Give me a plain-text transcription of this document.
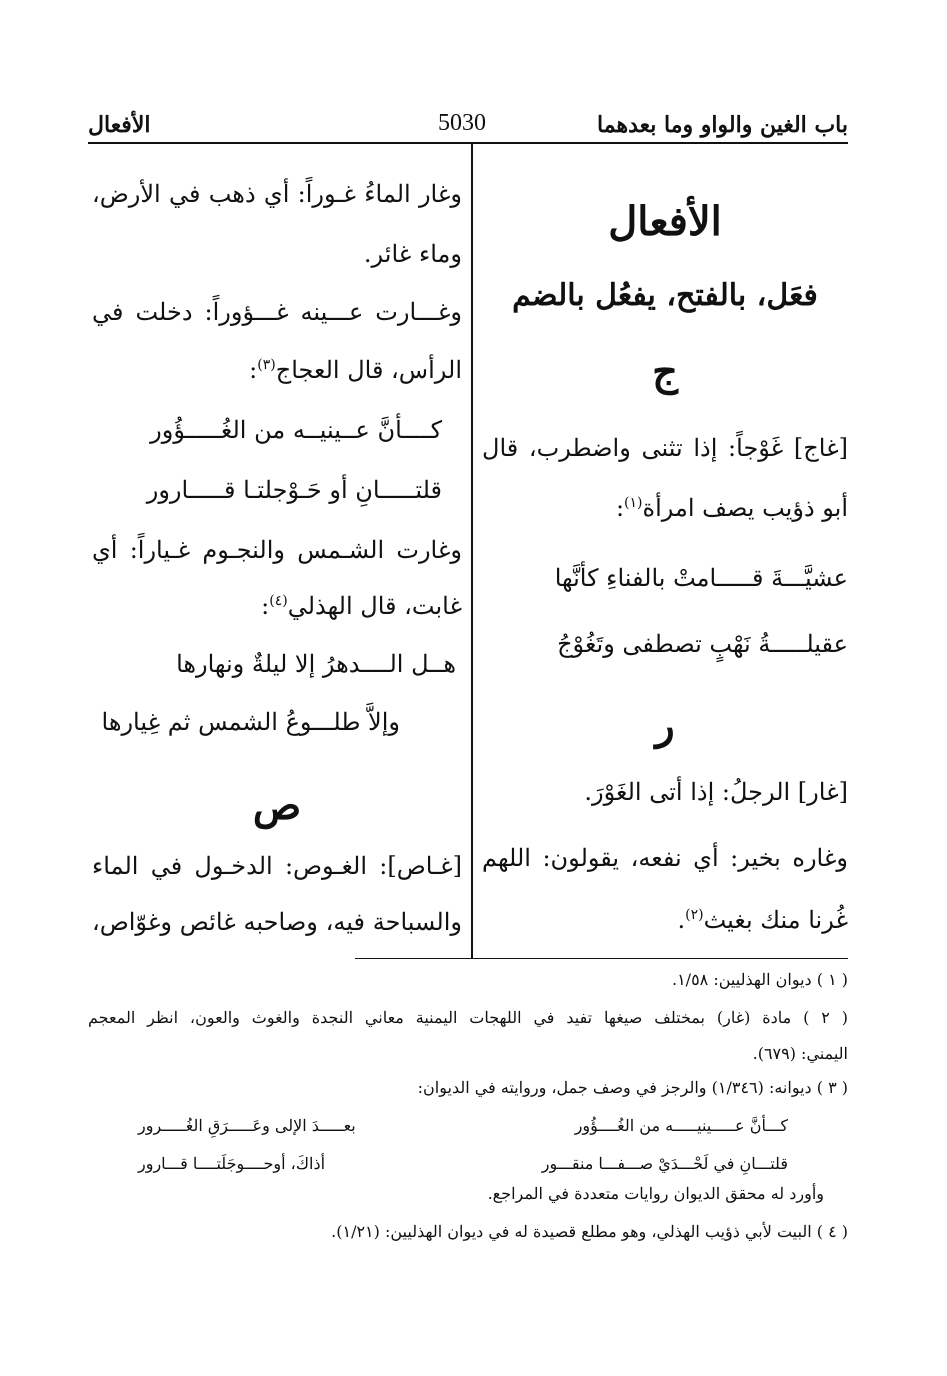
باب الغين والواو وما بعدهما
5030
الأفعال
الأفعال
فعَل، بالفتح، يفعُل بالضم
ج
[غاج] غَوْجاً: إذا تثنى واضطرب، قال
أبو ذؤيب يصف امرأة$^{(١)}$:
عشيَّـــةَ قـــــامتْ بالفناءِ كأنَّها
عقيلـــــةُ نَهْبٍ تصطفى وتَغُوْجُ
ر
[غار] الرجلُ: إذا أتى الغَوْرَ.
وغاره بخير: أي نفعه، يقولون: اللهم
غُرنا منك بغيث$^{(٢)}$.
وغار الماءُ غـوراً: أي ذهب في الأرض،
وماء غائر.
وغـــارت عـــينه غـــؤوراً: دخلت في
الرأس، قال العجاج$^{(٣)}$:
كــــأنَّ عــينيــه من الغُـــــؤُور
قلتـــــانِ أو حَـوْجلتـا قـــــارور
وغارت الشـمس والنجـوم غـياراً: أي
غابت، قال الهذلي$^{(٤)}$:
هــل الــــدهرُ إلا ليلةٌ ونهارها
وإلاَّ طلـــوعُ الشمس ثم غِيارها
ص
[غـاص]: الغـوص: الدخـول في الماء
والسباحة فيه، وصاحبه غائص وغوّاص،
( ١ ) ديوان الهذليين: ١/٥٨.
( ٢ ) مادة (غار) بمختلف صيغها تفيد في اللهجات اليمنية معاني النجدة والغوث والعون، انظر المعجم
اليمني: (٦٧٩).
( ٣ ) ديوانه: (١/٣٤٦) والرجز في وصف جمل، وروايته في الديوان:
كـــأنَّ عـــــينيـــــه من الغُــــؤُور
بعـــــدَ الإلى وعَـــــرَقِ الغُـــــرور
قلتـــانِ في لَحْـــدَيْ صـــفـــا منقـــور
أذاكَ، أوحــــوجَلَتــــا قـــارور
وأورد له محقق الديوان روايات متعددة في المراجع.
( ٤ ) البيت لأبي ذؤيب الهذلي، وهو مطلع قصيدة له في ديوان الهذليين: (١/٢١).
